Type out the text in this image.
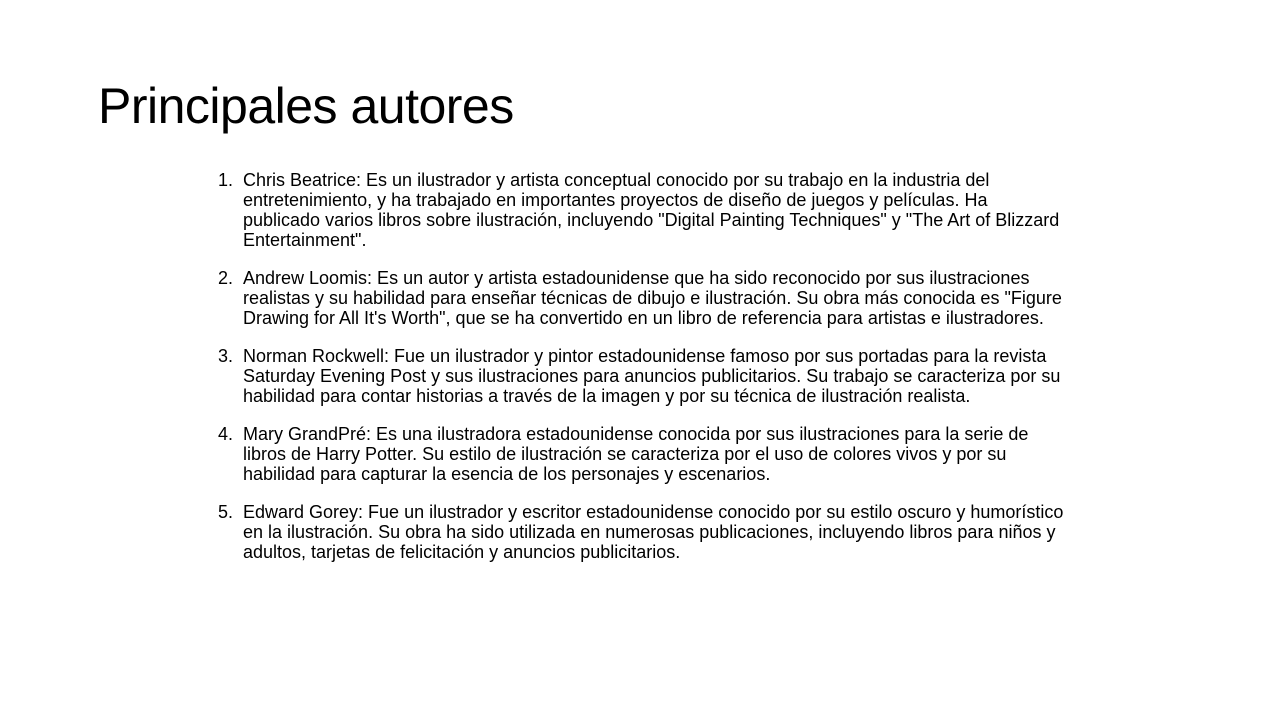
Principales autores
1. Chris Beatrice: Es un ilustrador y artista conceptual conocido por su trabajo en la industria del entretenimiento, y ha trabajado en importantes proyectos de diseño de juegos y películas. Ha publicado varios libros sobre ilustración, incluyendo "Digital Painting Techniques" y "The Art of Blizzard Entertainment".
2. Andrew Loomis: Es un autor y artista estadounidense que ha sido reconocido por sus ilustraciones realistas y su habilidad para enseñar técnicas de dibujo e ilustración. Su obra más conocida es "Figure Drawing for All It's Worth", que se ha convertido en un libro de referencia para artistas e ilustradores.
3. Norman Rockwell: Fue un ilustrador y pintor estadounidense famoso por sus portadas para la revista Saturday Evening Post y sus ilustraciones para anuncios publicitarios. Su trabajo se caracteriza por su habilidad para contar historias a través de la imagen y por su técnica de ilustración realista.
4. Mary GrandPré: Es una ilustradora estadounidense conocida por sus ilustraciones para la serie de libros de Harry Potter. Su estilo de ilustración se caracteriza por el uso de colores vivos y por su habilidad para capturar la esencia de los personajes y escenarios.
5. Edward Gorey: Fue un ilustrador y escritor estadounidense conocido por su estilo oscuro y humorístico en la ilustración. Su obra ha sido utilizada en numerosas publicaciones, incluyendo libros para niños y adultos, tarjetas de felicitación y anuncios publicitarios.
